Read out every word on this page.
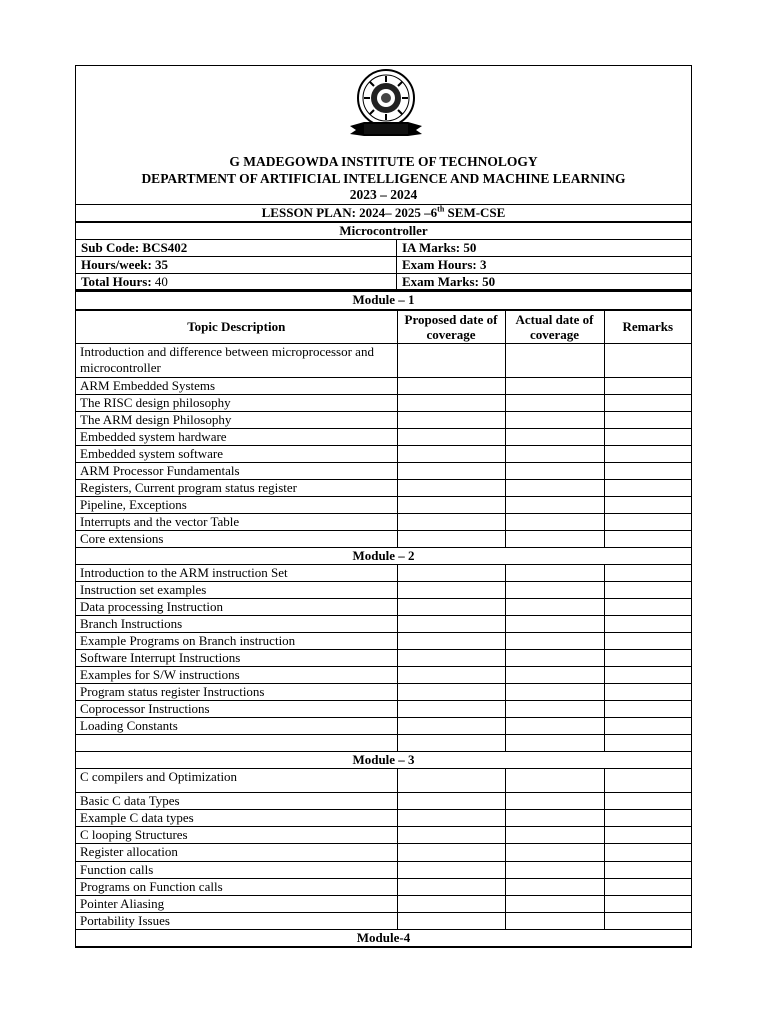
G MADEGOWDA INSTITUTE OF TECHNOLOGY
DEPARTMENT OF ARTIFICIAL INTELLIGENCE AND MACHINE LEARNING
2023 – 2024
LESSON PLAN: 2024– 2025 –6th SEM-CSE
Microcontroller
Sub Code: BCS402	IA Marks: 50
Hours/week: 35	Exam Hours: 3
Total Hours: 40	Exam Marks: 50
Module – 1			
Topic Description	Proposed date of coverage	Actual date of coverage	Remarks
Introduction and difference between microprocessor and microcontroller			
ARM Embedded Systems			
The RISC design philosophy			
The ARM design Philosophy			
Embedded system hardware			
Embedded system software			
ARM Processor Fundamentals			
Registers, Current program status register			
Pipeline, Exceptions			
Interrupts and the vector Table			
Core extensions			
Module – 2			
Introduction to the ARM instruction Set			
Instruction set examples			
Data processing Instruction			
Branch Instructions			
Example Programs on Branch instruction			
Software Interrupt Instructions			
Examples for S/W instructions			
Program status register Instructions			
Coprocessor Instructions			
Loading Constants			

Module – 3			
C compilers and Optimization			
Basic C data Types			
Example C data types			
C looping Structures			
Register allocation			
Function calls			
Programs on Function calls			
Pointer Aliasing			
Portability Issues			
Module-4			
